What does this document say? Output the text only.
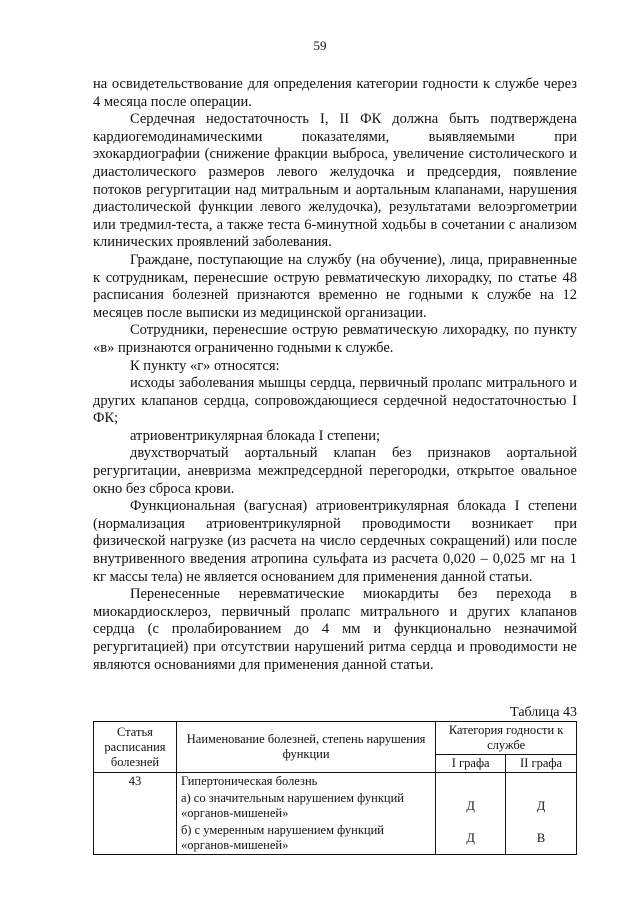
59

на освидетельствование для определения категории годности к службе через 4 месяца после операции.

Сердечная недостаточность I, II ФК должна быть подтверждена кардиогемодинамическими показателями, выявляемыми при эхокардиографии (снижение фракции выброса, увеличение систолического и диастолического размеров левого желудочка и предсердия, появление потоков регургитации над митральным и аортальным клапанами, нарушения диастолической функции левого желудочка), результатами велоэргометрии или тредмил-теста, а также теста 6-минутной ходьбы в сочетании с анализом клинических проявлений заболевания.

Граждане, поступающие на службу (на обучение), лица, приравненные к сотрудникам, перенесшие острую ревматическую лихорадку, по статье 48 расписания болезней признаются временно не годными к службе на 12 месяцев после выписки из медицинской организации.

Сотрудники, перенесшие острую ревматическую лихорадку, по пункту «в» признаются ограниченно годными к службе.

К пункту «г» относятся:

исходы заболевания мышцы сердца, первичный пролапс митрального и других клапанов сердца, сопровождающиеся сердечной недостаточностью I ФК;

атриовентрикулярная блокада I степени;

двухстворчатый аортальный клапан без признаков аортальной регургитации, аневризма межпредсердной перегородки, открытое овальное окно без сброса крови.

Функциональная (вагусная) атриовентрикулярная блокада I степени (нормализация атриовентрикулярной проводимости возникает при физической нагрузке (из расчета на число сердечных сокращений) или после внутривенного введения атропина сульфата из расчета 0,020 – 0,025 мг на 1 кг массы тела) не является основанием для применения данной статьи.

Перенесенные неревматические миокардиты без перехода в миокардиосклероз, первичный пролапс митрального и других клапанов сердца (с пролабированием до 4 мм и функционально незначимой регургитацией) при отсутствии нарушений ритма сердца и проводимости не являются основаниями для применения данной статьи.

Таблица 43
Статья расписания болезней	Наименование болезней, степень нарушения функции	Категория годности к службе	
		I графа	II графа
43	Гипертоническая болезнь		
	а) со значительным нарушением функций «органов-мишеней»	Д	Д
	б) с умеренным нарушением функций «органов-мишеней»	Д	В
